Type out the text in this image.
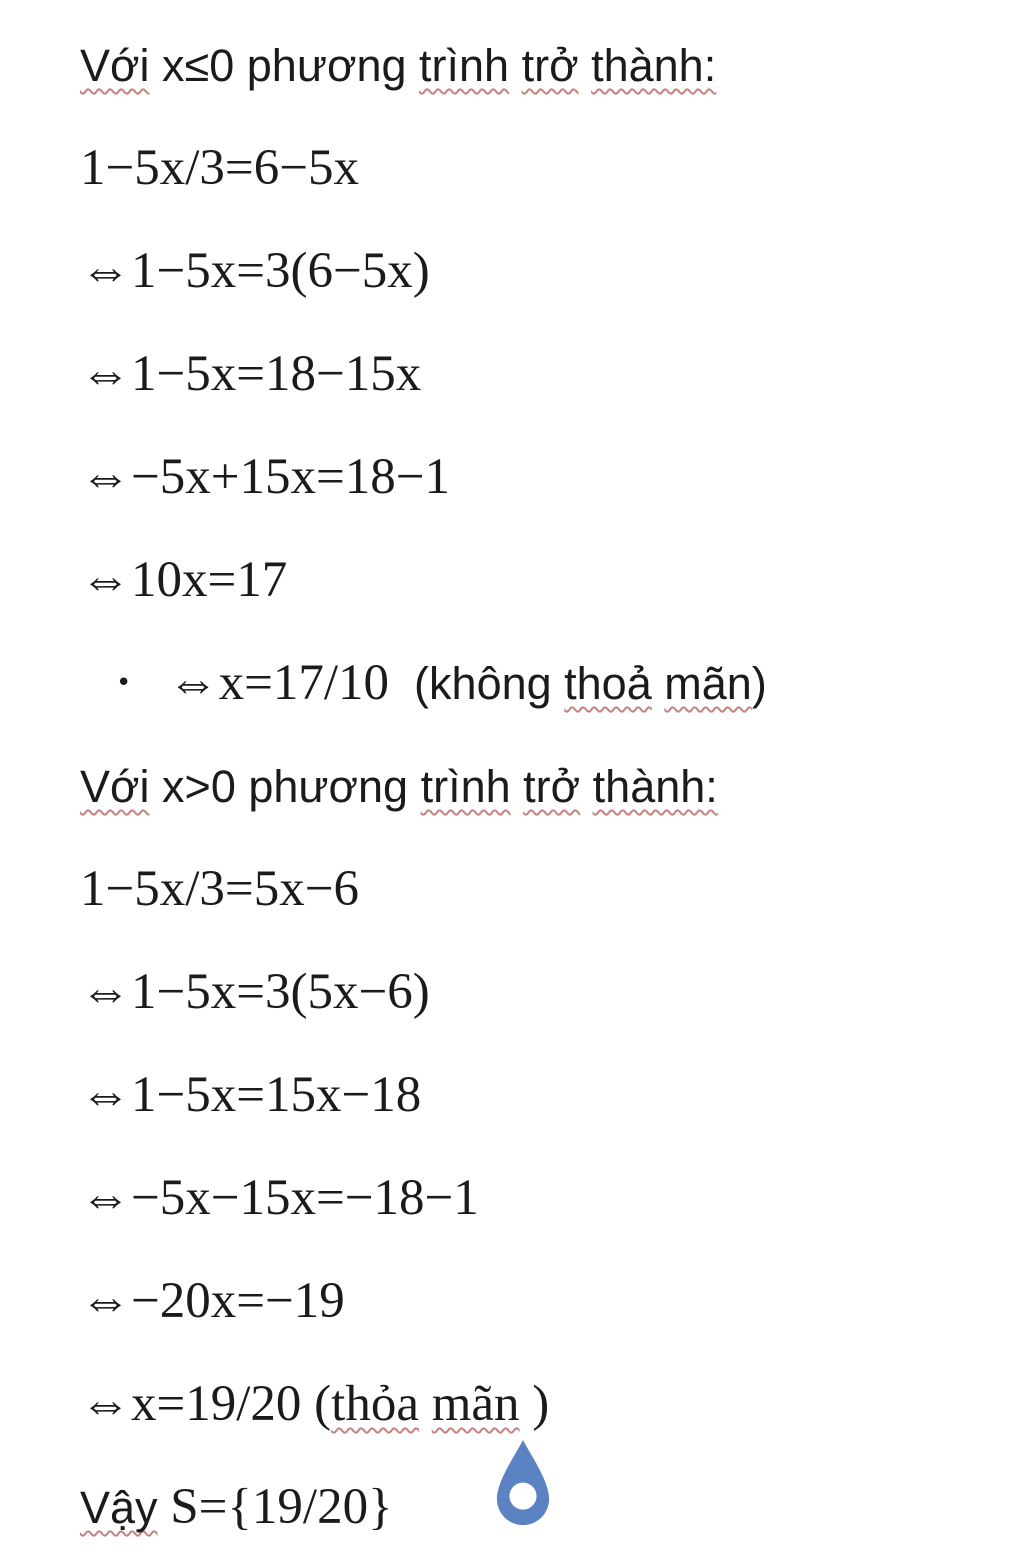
Với x≤0 phương trình trở thành:
1−5x/3=6−5x
⇔1−5x=3(6−5x)
⇔1−5x=18−15x
⇔−5x+15x=18−1
⇔10x=17
• ⇔x=17/10  (không thoả mãn)
Với x>0 phương trình trở thành:
1−5x/3=5x−6
⇔1−5x=3(5x−6)
⇔1−5x=15x−18
⇔−5x−15x=−18−1
⇔−20x=−19
⇔x=19/20 (thỏa mãn )
Vậy S={19/20}
